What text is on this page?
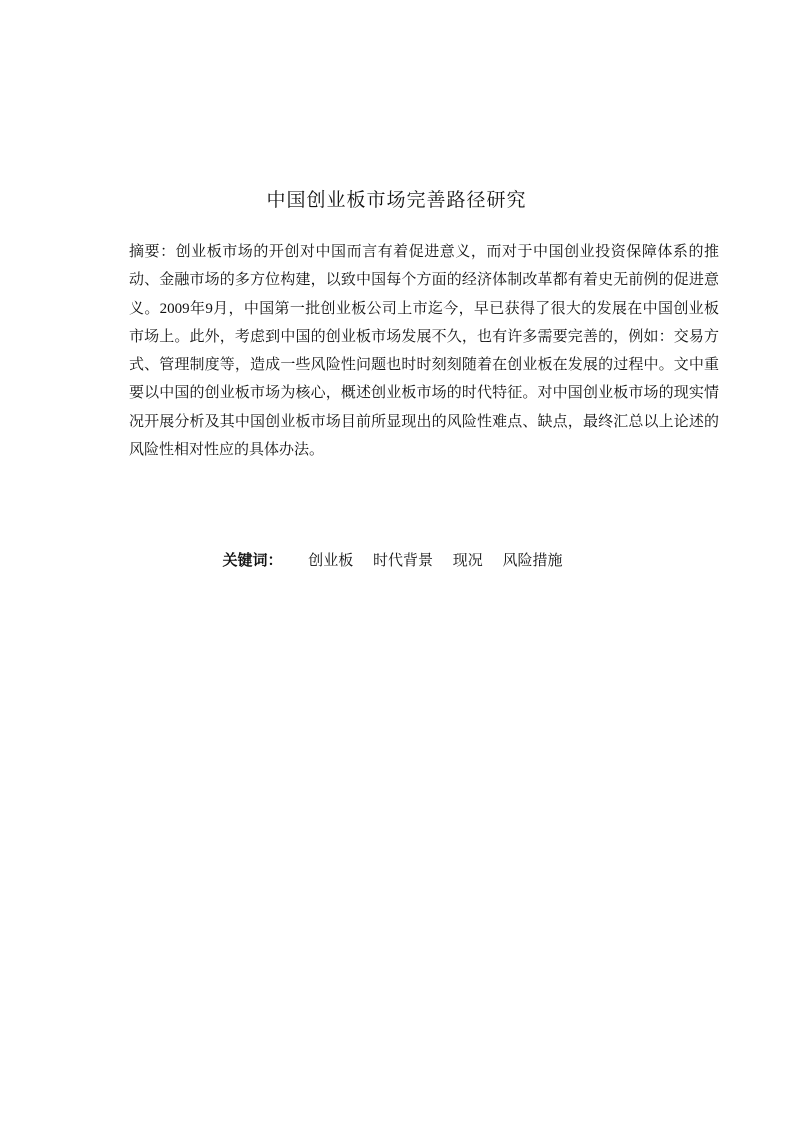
中国创业板市场完善路径研究
摘要：创业板市场的开创对中国而言有着促进意义，而对于中国创业投资保障体系的推动、金融市场的多方位构建，以致中国每个方面的经济体制改革都有着史无前例的促进意义。2009年9月，中国第一批创业板公司上市迄今，早已获得了很大的发展在中国创业板市场上。此外，考虑到中国的创业板市场发展不久，也有许多需要完善的，例如：交易方式、管理制度等，造成一些风险性问题也时时刻刻随着在创业板在发展的过程中。文中重要以中国的创业板市场为核心，概述创业板市场的时代特征。对中国创业板市场的现实情况开展分析及其中国创业板市场目前所显现出的风险性难点、缺点，最终汇总以上论述的风险性相对性应的具体办法。
关键词： 创业板 时代背景 现况 风险措施
